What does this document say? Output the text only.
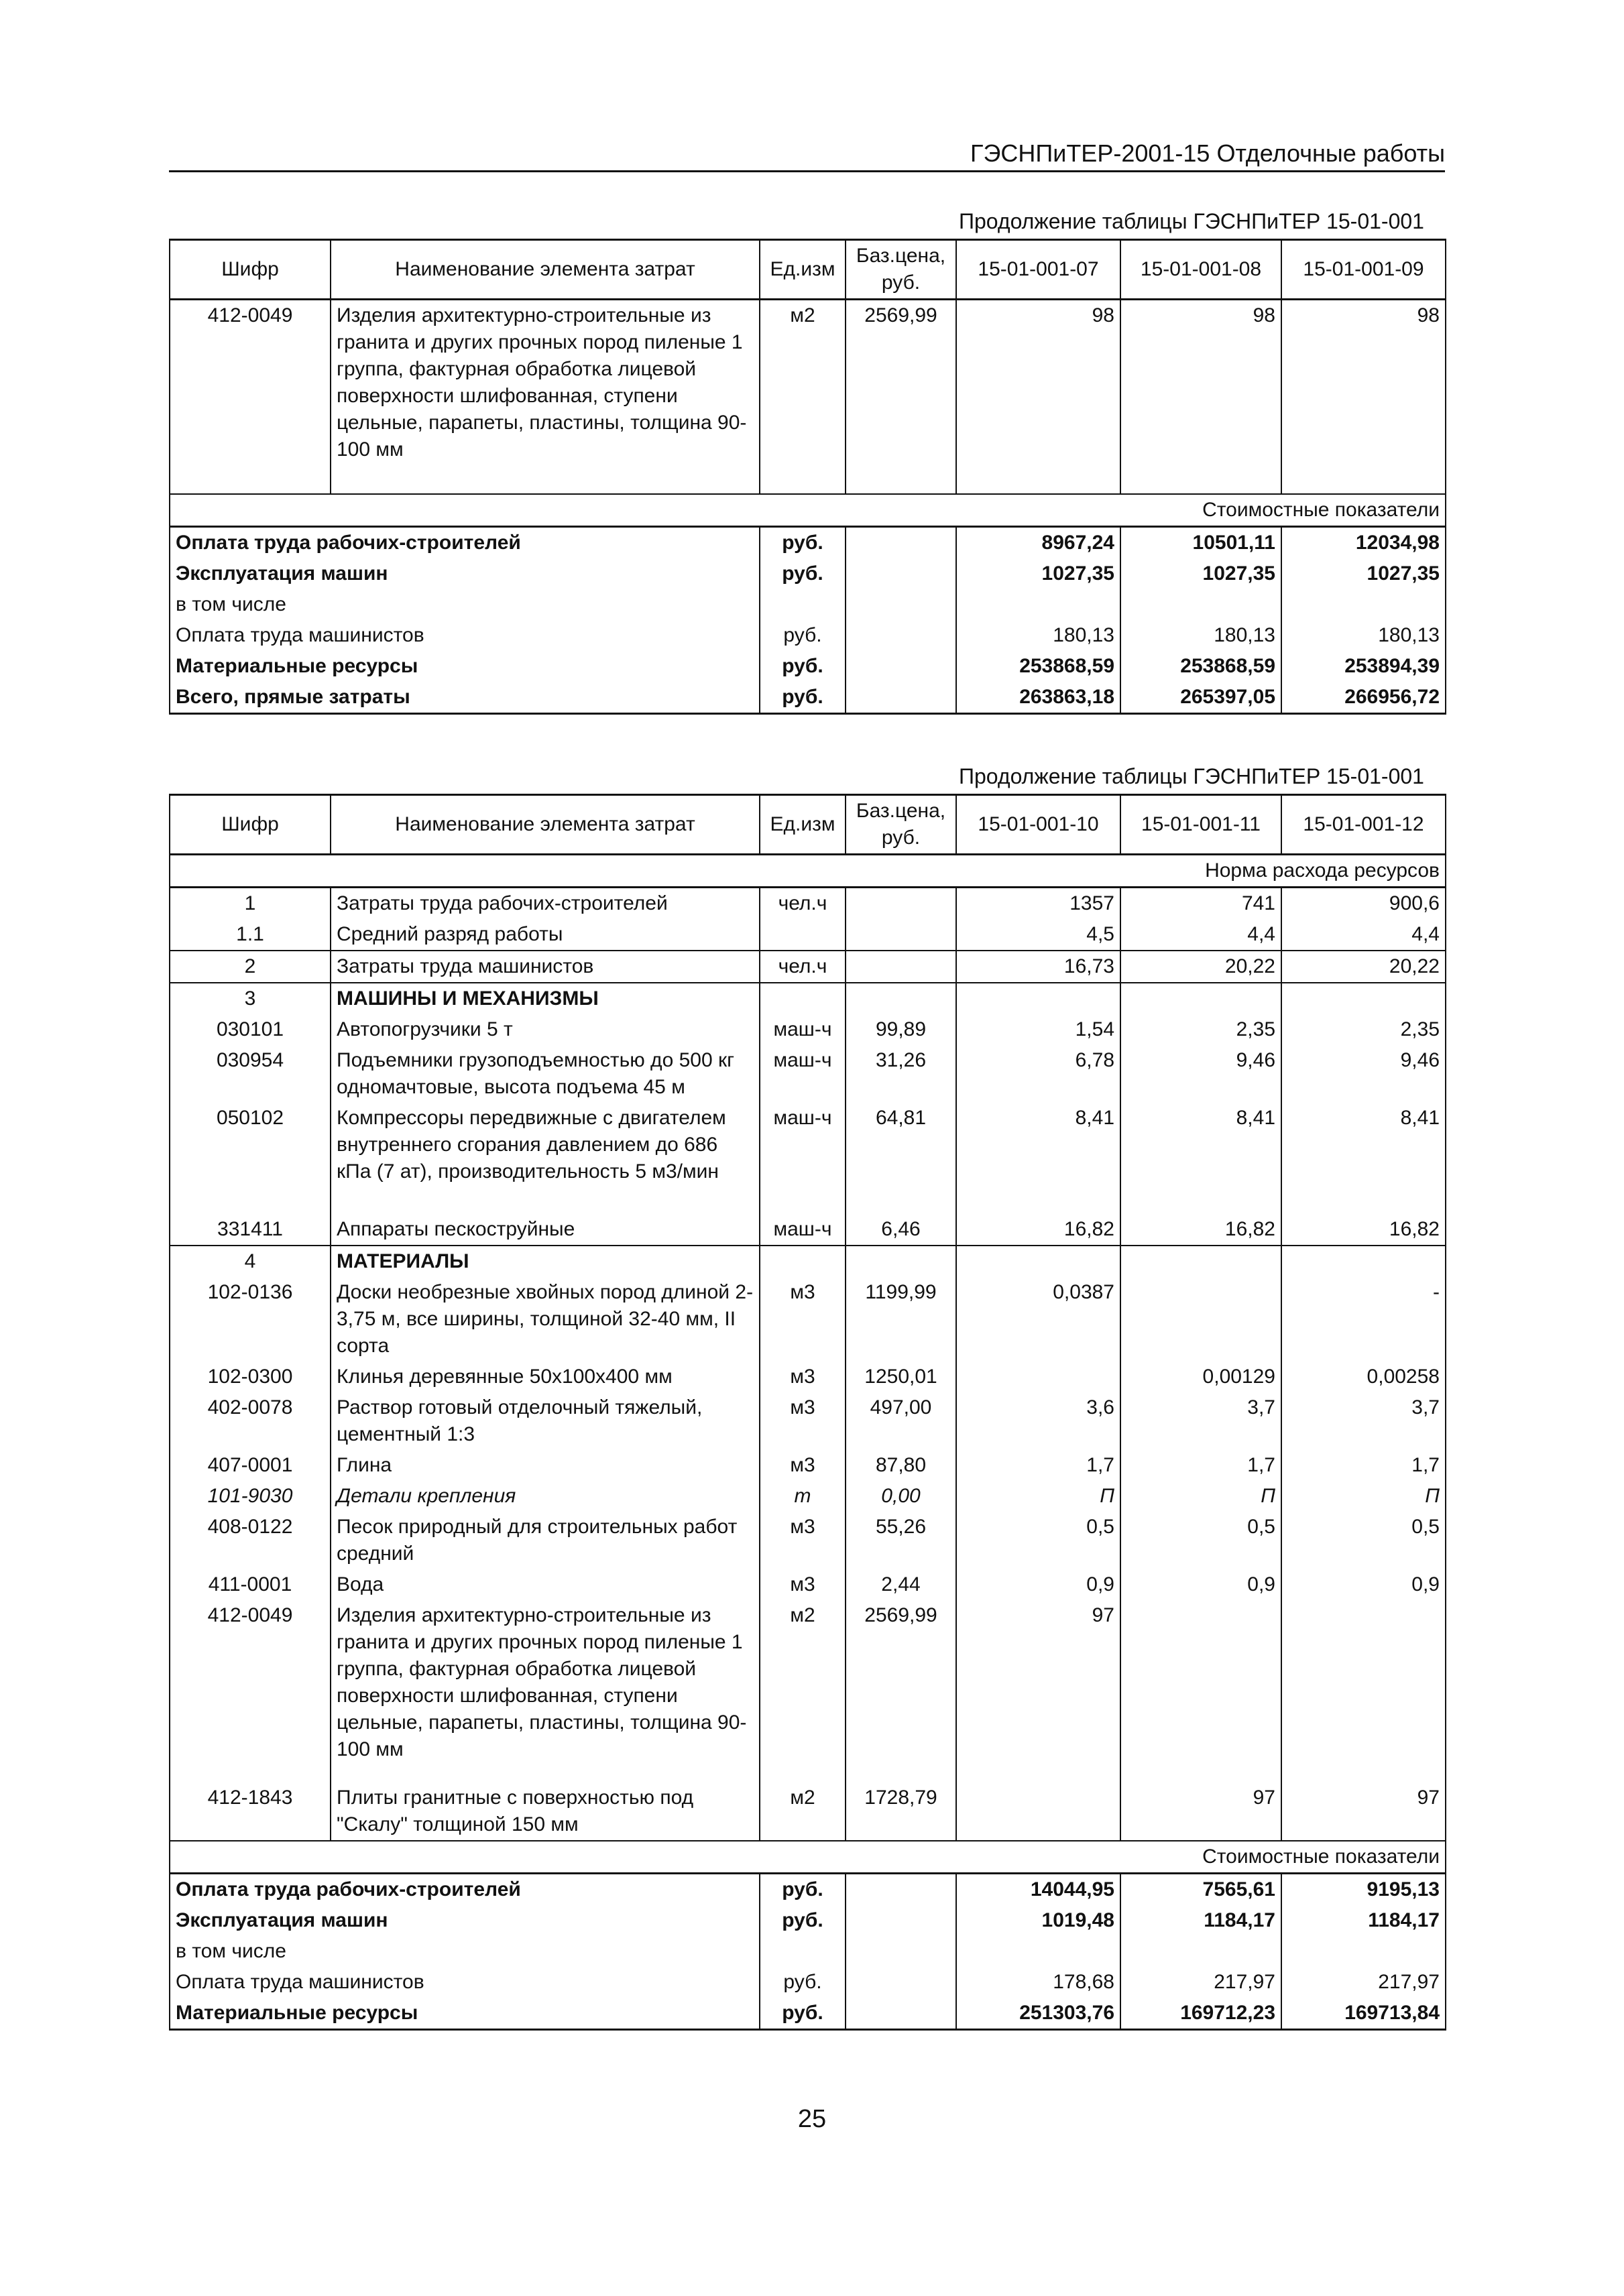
ГЭСНПиТЕР-2001-15 Отделочные работы
Продолжение таблицы ГЭСНПиТЕР 15-01-001
Шифр	Наименование элемента затрат	Ед.изм	Баз.цена, руб.	15-01-001-07	15-01-001-08	15-01-001-09
412-0049	Изделия архитектурно-строительные из гранита и других прочных пород пиленые 1 группа, фактурная обработка лицевой поверхности шлифованная, ступени цельные, парапеты, пластины, толщина 90-100 мм	м2	2569,99	98	98	98
Стоимостные показатели						
Оплата труда рабочих-строителей		руб.		8967,24	10501,11	12034,98
Эксплуатация машин		руб.		1027,35	1027,35	1027,35
в том числе						
Оплата труда машинистов		руб.		180,13	180,13	180,13
Материальные ресурсы		руб.		253868,59	253868,59	253894,39
Всего, прямые затраты		руб.		263863,18	265397,05	266956,72
Продолжение таблицы ГЭСНПиТЕР 15-01-001
Шифр	Наименование элемента затрат	Ед.изм	Баз.цена, руб.	15-01-001-10	15-01-001-11	15-01-001-12
Норма расхода ресурсов						
1	Затраты труда рабочих-строителей	чел.ч		1357	741	900,6
1.1	Средний разряд работы			4,5	4,4	4,4
2	Затраты труда машинистов	чел.ч		16,73	20,22	20,22
3	МАШИНЫ И МЕХАНИЗМЫ					
030101	Автопогрузчики 5 т	маш-ч	99,89	1,54	2,35	2,35
030954	Подъемники грузоподъемностью до 500 кг одномачтовые, высота подъема 45 м	маш-ч	31,26	6,78	9,46	9,46
050102	Компрессоры передвижные с двигателем внутреннего сгорания давлением до 686 кПа (7 ат), производительность 5 м3/мин	маш-ч	64,81	8,41	8,41	8,41
331411	Аппараты пескоструйные	маш-ч	6,46	16,82	16,82	16,82
4	МАТЕРИАЛЫ					
102-0136	Доски необрезные хвойных пород длиной 2-3,75 м, все ширины, толщиной 32-40 мм, II сорта	м3	1199,99	0,0387		-
102-0300	Клинья деревянные 50x100x400 мм	м3	1250,01		0,00129	0,00258
402-0078	Раствор готовый отделочный тяжелый, цементный 1:3	м3	497,00	3,6	3,7	3,7
407-0001	Глина	м3	87,80	1,7	1,7	1,7
101-9030	Детали крепления	т	0,00	П	П	П
408-0122	Песок природный для строительных работ средний	м3	55,26	0,5	0,5	0,5
411-0001	Вода	м3	2,44	0,9	0,9	0,9
412-0049	Изделия архитектурно-строительные из гранита и других прочных пород пиленые 1 группа, фактурная обработка лицевой поверхности шлифованная, ступени цельные, парапеты, пластины, толщина 90-100 мм	м2	2569,99	97		
412-1843	Плиты гранитные с поверхностью под "Скалу" толщиной 150 мм	м2	1728,79		97	97
Стоимостные показатели						
Оплата труда рабочих-строителей		руб.		14044,95	7565,61	9195,13
Эксплуатация машин		руб.		1019,48	1184,17	1184,17
в том числе						
Оплата труда машинистов		руб.		178,68	217,97	217,97
Материальные ресурсы		руб.		251303,76	169712,23	169713,84
25
